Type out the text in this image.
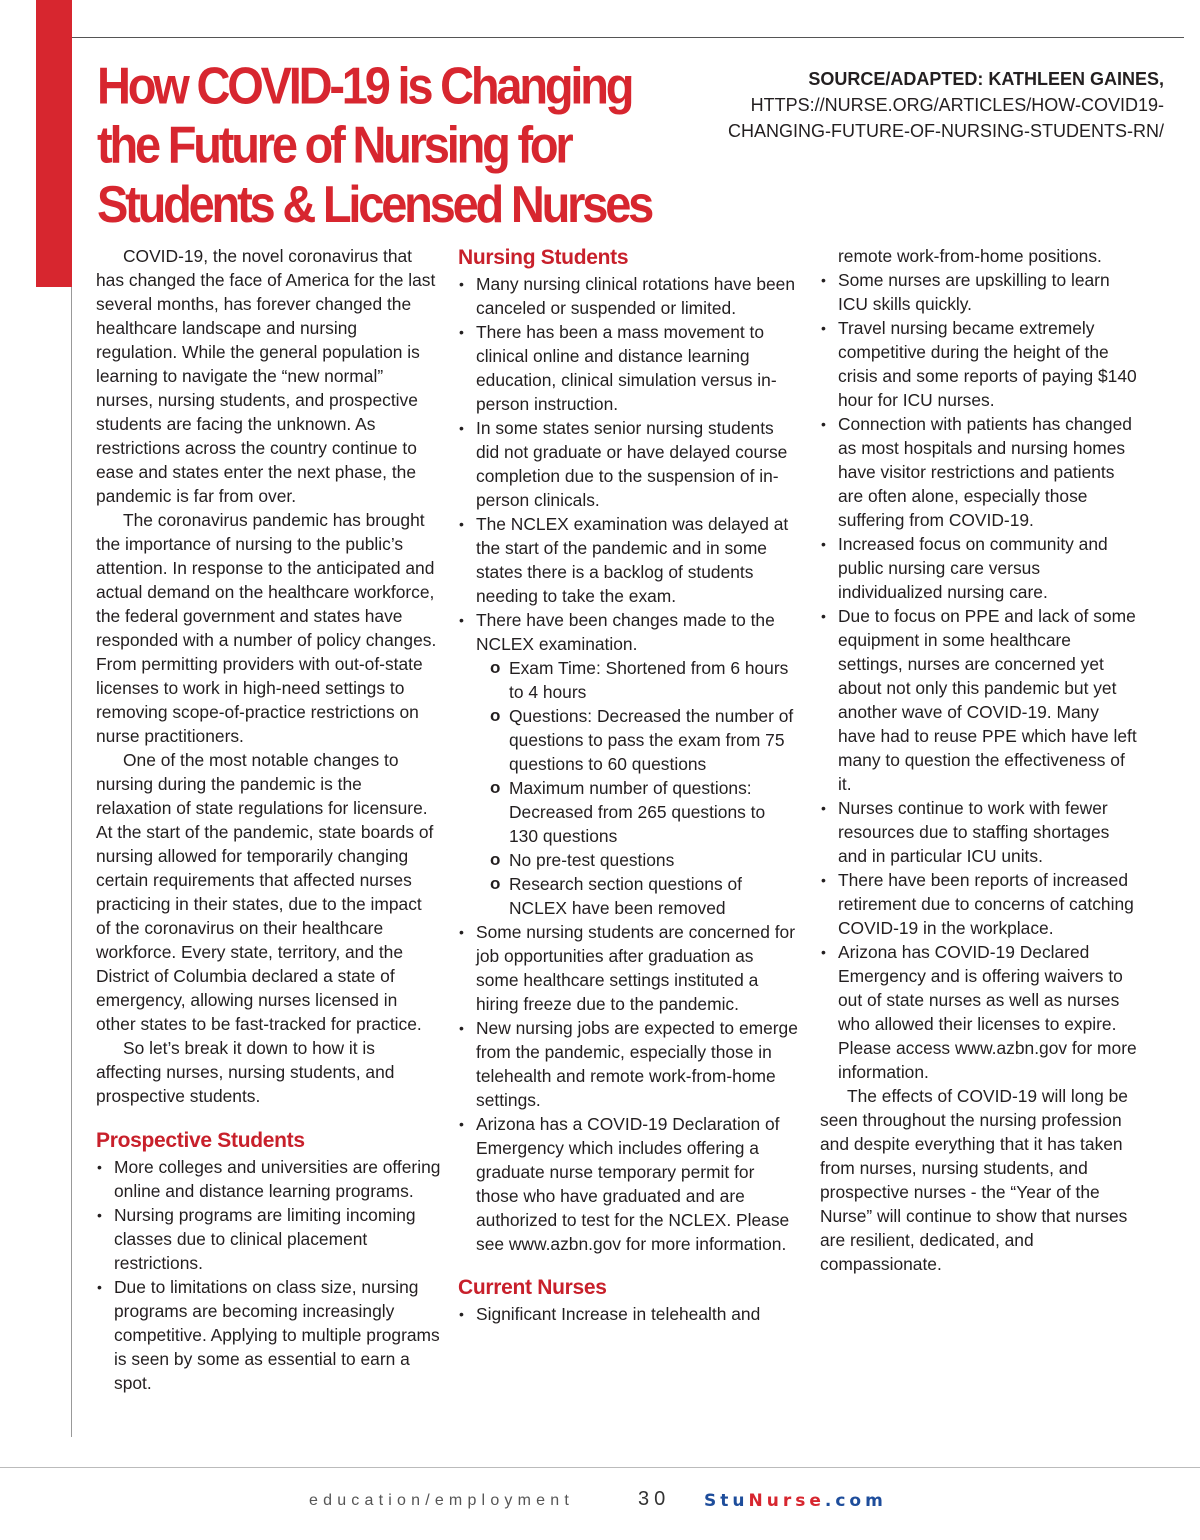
How COVID-19 is Changing the Future of Nursing for Students & Licensed Nurses
SOURCE/ADAPTED: KATHLEEN GAINES,
HTTPS://NURSE.ORG/ARTICLES/HOW-COVID19-
CHANGING-FUTURE-OF-NURSING-STUDENTS-RN/

COVID-19, the novel coronavirus that has changed the face of America for the last several months, has forever changed the healthcare landscape and nursing regulation. While the general population is learning to navigate the “new normal” nurses, nursing students, and prospective students are facing the unknown. As restrictions across the country continue to ease and states enter the next phase, the pandemic is far from over.

The coronavirus pandemic has brought the importance of nursing to the public’s attention. In response to the anticipated and actual demand on the healthcare workforce, the federal government and states have responded with a number of policy changes.

From permitting providers with out-of-state licenses to work in high-need settings to removing scope-of-practice restrictions on nurse practitioners.

One of the most notable changes to nursing during the pandemic is the relaxation of state regulations for licensure. At the start of the pandemic, state boards of nursing allowed for temporarily changing certain requirements that affected nurses practicing in their states, due to the impact of the coronavirus on their healthcare workforce. Every state, territory, and the District of Columbia declared a state of emergency, allowing nurses licensed in other states to be fast-tracked for practice.

So let’s break it down to how it is affecting nurses, nursing students, and prospective students.

Prospective Students
• More colleges and universities are offering online and distance learning programs.
• Nursing programs are limiting incoming classes due to clinical placement restrictions.
• Due to limitations on class size, nursing programs are becoming increasingly competitive. Applying to multiple programs is seen by some as essential to earn a spot.
Nursing Students
• Many nursing clinical rotations have been canceled or suspended or limited.
• There has been a mass movement to clinical online and distance learning education, clinical simulation versus in-person instruction.
• In some states senior nursing students did not graduate or have delayed course completion due to the suspension of in-person clinicals.
• The NCLEX examination was delayed at the start of the pandemic and in some states there is a backlog of students needing to take the exam.
• There have been changes made to the NCLEX examination.
o Exam Time: Shortened from 6 hours to 4 hours
o Questions: Decreased the number of questions to pass the exam from 75 questions to 60 questions
o Maximum number of questions: Decreased from 265 questions to 130 questions
o No pre-test questions
o Research section questions of NCLEX have been removed
• Some nursing students are concerned for job opportunities after graduation as some healthcare settings instituted a hiring freeze due to the pandemic.
• New nursing jobs are expected to emerge from the pandemic, especially those in telehealth and remote work-from-home settings.
• Arizona has a COVID-19 Declaration of Emergency which includes offering a graduate nurse temporary permit for those who have graduated and are authorized to test for the NCLEX. Please see www.azbn.gov for more information.
Current Nurses
• Significant Increase in telehealth and

remote work-from-home positions.

• Some nurses are upskilling to learn ICU skills quickly.
• Travel nursing became extremely competitive during the height of the crisis and some reports of paying $140 hour for ICU nurses.
• Connection with patients has changed as most hospitals and nursing homes have visitor restrictions and patients are often alone, especially those suffering from COVID-19.
• Increased focus on community and public nursing care versus individualized nursing care.
• Due to focus on PPE and lack of some equipment in some healthcare settings, nurses are concerned yet about not only this pandemic but yet another wave of COVID-19. Many have had to reuse PPE which have left many to question the effectiveness of it.
• Nurses continue to work with fewer resources due to staffing shortages and in particular ICU units.
• There have been reports of increased retirement due to concerns of catching COVID-19 in the workplace.
• Arizona has COVID-19 Declared Emergency and is offering waivers to out of state nurses as well as nurses who allowed their licenses to expire. Please access www.azbn.gov for more information.

The effects of COVID-19 will long be seen throughout the nursing profession and despite everything that it has taken from nurses, nursing students, and prospective nurses - the “Year of the Nurse” will continue to show that nurses are resilient, dedicated, and compassionate.

education/employment	30 StuNurse.com
